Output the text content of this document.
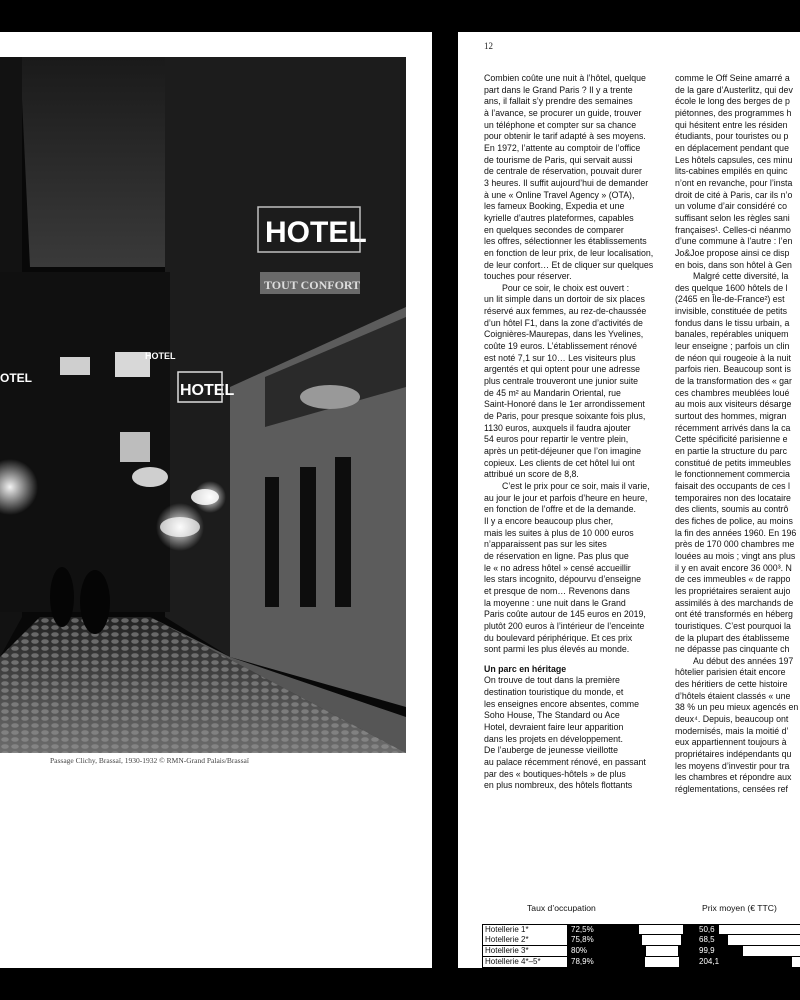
HOTEL
HOTEL
OTEL
HOTEL
TOUT CONFORT
Passage Clichy, Brassaï, 1930-1932 © RMN-Grand Palais/Brassaï
12

Combien coûte une nuit à l’hôtel, quelque
part dans le Grand Paris ? Il y a trente
ans, il fallait s’y prendre des semaines
à l’avance, se procurer un guide, trouver
un téléphone et compter sur sa chance
pour obtenir le tarif adapté à ses moyens.
En 1972, l’attente au comptoir de l’office
de tourisme de Paris, qui servait aussi
de centrale de réservation, pouvait durer
3 heures. Il suffit aujourd’hui de demander
à une « Online Travel Agency » (OTA),
les fameux Booking, Expedia et une
kyrielle d’autres plateformes, capables
en quelques secondes de comparer
les offres, sélectionner les établissements
en fonction de leur prix, de leur localisation,
de leur confort… Et de cliquer sur quelques
touches pour réserver.

Pour ce soir, le choix est ouvert :
un lit simple dans un dortoir de six places
réservé aux femmes, au rez-de-chaussée
d’un hôtel F1, dans la zone d’activités de
Coignières-Maurepas, dans les Yvelines,
coûte 19 euros. L’établissement rénové
est noté 7,1 sur 10… Les visiteurs plus
argentés et qui optent pour une adresse
plus centrale trouveront une junior suite
de 45 m² au Mandarin Oriental, rue
Saint-Honoré dans le 1er arrondissement
de Paris, pour presque soixante fois plus,
1130 euros, auxquels il faudra ajouter
54 euros pour repartir le ventre plein,
après un petit-déjeuner que l’on imagine
copieux. Les clients de cet hôtel lui ont
attribué un score de 8,8.

C’est le prix pour ce soir, mais il varie,
au jour le jour et parfois d’heure en heure,
en fonction de l’offre et de la demande.
Il y a encore beaucoup plus cher,
mais les suites à plus de 10 000 euros
n’apparaissent pas sur les sites
de réservation en ligne. Pas plus que
le « no adress hôtel » censé accueillir
les stars incognito, dépourvu d’enseigne
et presque de nom… Revenons dans
la moyenne : une nuit dans le Grand
Paris coûte autour de 145 euros en 2019,
plutôt 200 euros à l’intérieur de l’enceinte
du boulevard périphérique. Et ces prix
sont parmi les plus élevés au monde.

Un parc en héritage

On trouve de tout dans la première
destination touristique du monde, et
les enseignes encore absentes, comme
Soho House, The Standard ou Ace
Hotel, devraient faire leur apparition
dans les projets en développement.
De l’auberge de jeunesse vieillotte
au palace récemment rénové, en passant
par des « boutiques-hôtels » de plus
en plus nombreux, des hôtels flottants

comme le Off Seine amarré a
de la gare d’Austerlitz, qui dev
école le long des berges de p
piétonnes, des programmes h
qui hésitent entre les résiden
étudiants, pour touristes ou p
en déplacement pendant que
Les hôtels capsules, ces minu
lits-cabines empilés en quinc
n’ont en revanche, pour l’insta
droit de cité à Paris, car ils n’o
un volume d’air considéré co
suffisant selon les règles sani
françaises¹. Celles-ci néanmo
d’une commune à l’autre : l’en
Jo&Joe propose ainsi ce disp
en bois, dans son hôtel à Gen

Malgré cette diversité, la
des quelque 1600 hôtels de l
(2465 en Île-de-France²) est
invisible, constituée de petits
fondus dans le tissu urbain, a
banales, repérables uniquem
leur enseigne ; parfois un clin
de néon qui rougeoie à la nuit
parfois rien. Beaucoup sont is
de la transformation des « gar
ces chambres meublées loué
au mois aux visiteurs désarge
surtout des hommes, migran
récemment arrivés dans la ca
Cette spécificité parisienne e
en partie la structure du parc
constitué de petits immeubles
le fonctionnement commercia
faisait des occupants de ces l
temporaires non des locataire
des clients, soumis au contrô
des fiches de police, au moins
la fin des années 1960. En 196
près de 170 000 chambres me
louées au mois ; vingt ans plus
il y en avait encore 36 000³. N
de ces immeubles « de rappo
les propriétaires seraient aujo
assimilés à des marchands de
ont été transformés en héberg
touristiques. C’est pourquoi la
de la plupart des établisseme
ne dépasse pas cinquante ch

Au début des années 197
hôtelier parisien était encore
des héritiers de cette histoire
d’hôtels étaient classés « une
38 % un peu mieux agencés en
deux⁴. Depuis, beaucoup ont
modernisés, mais la moitié d’
eux appartiennent toujours à
propriétaires indépendants qu
les moyens d’investir pour tra
les chambres et répondre aux
réglementations, censées ref

Taux d’occupation	Prix moyen (€ TTC)
Hotellerie 1*	72,5%	50,6
Hotellerie 2*	75,8%	68,5
Hotellerie 3*	80%	99,9
Hotellerie 4*–5*	78,9%	204,1
